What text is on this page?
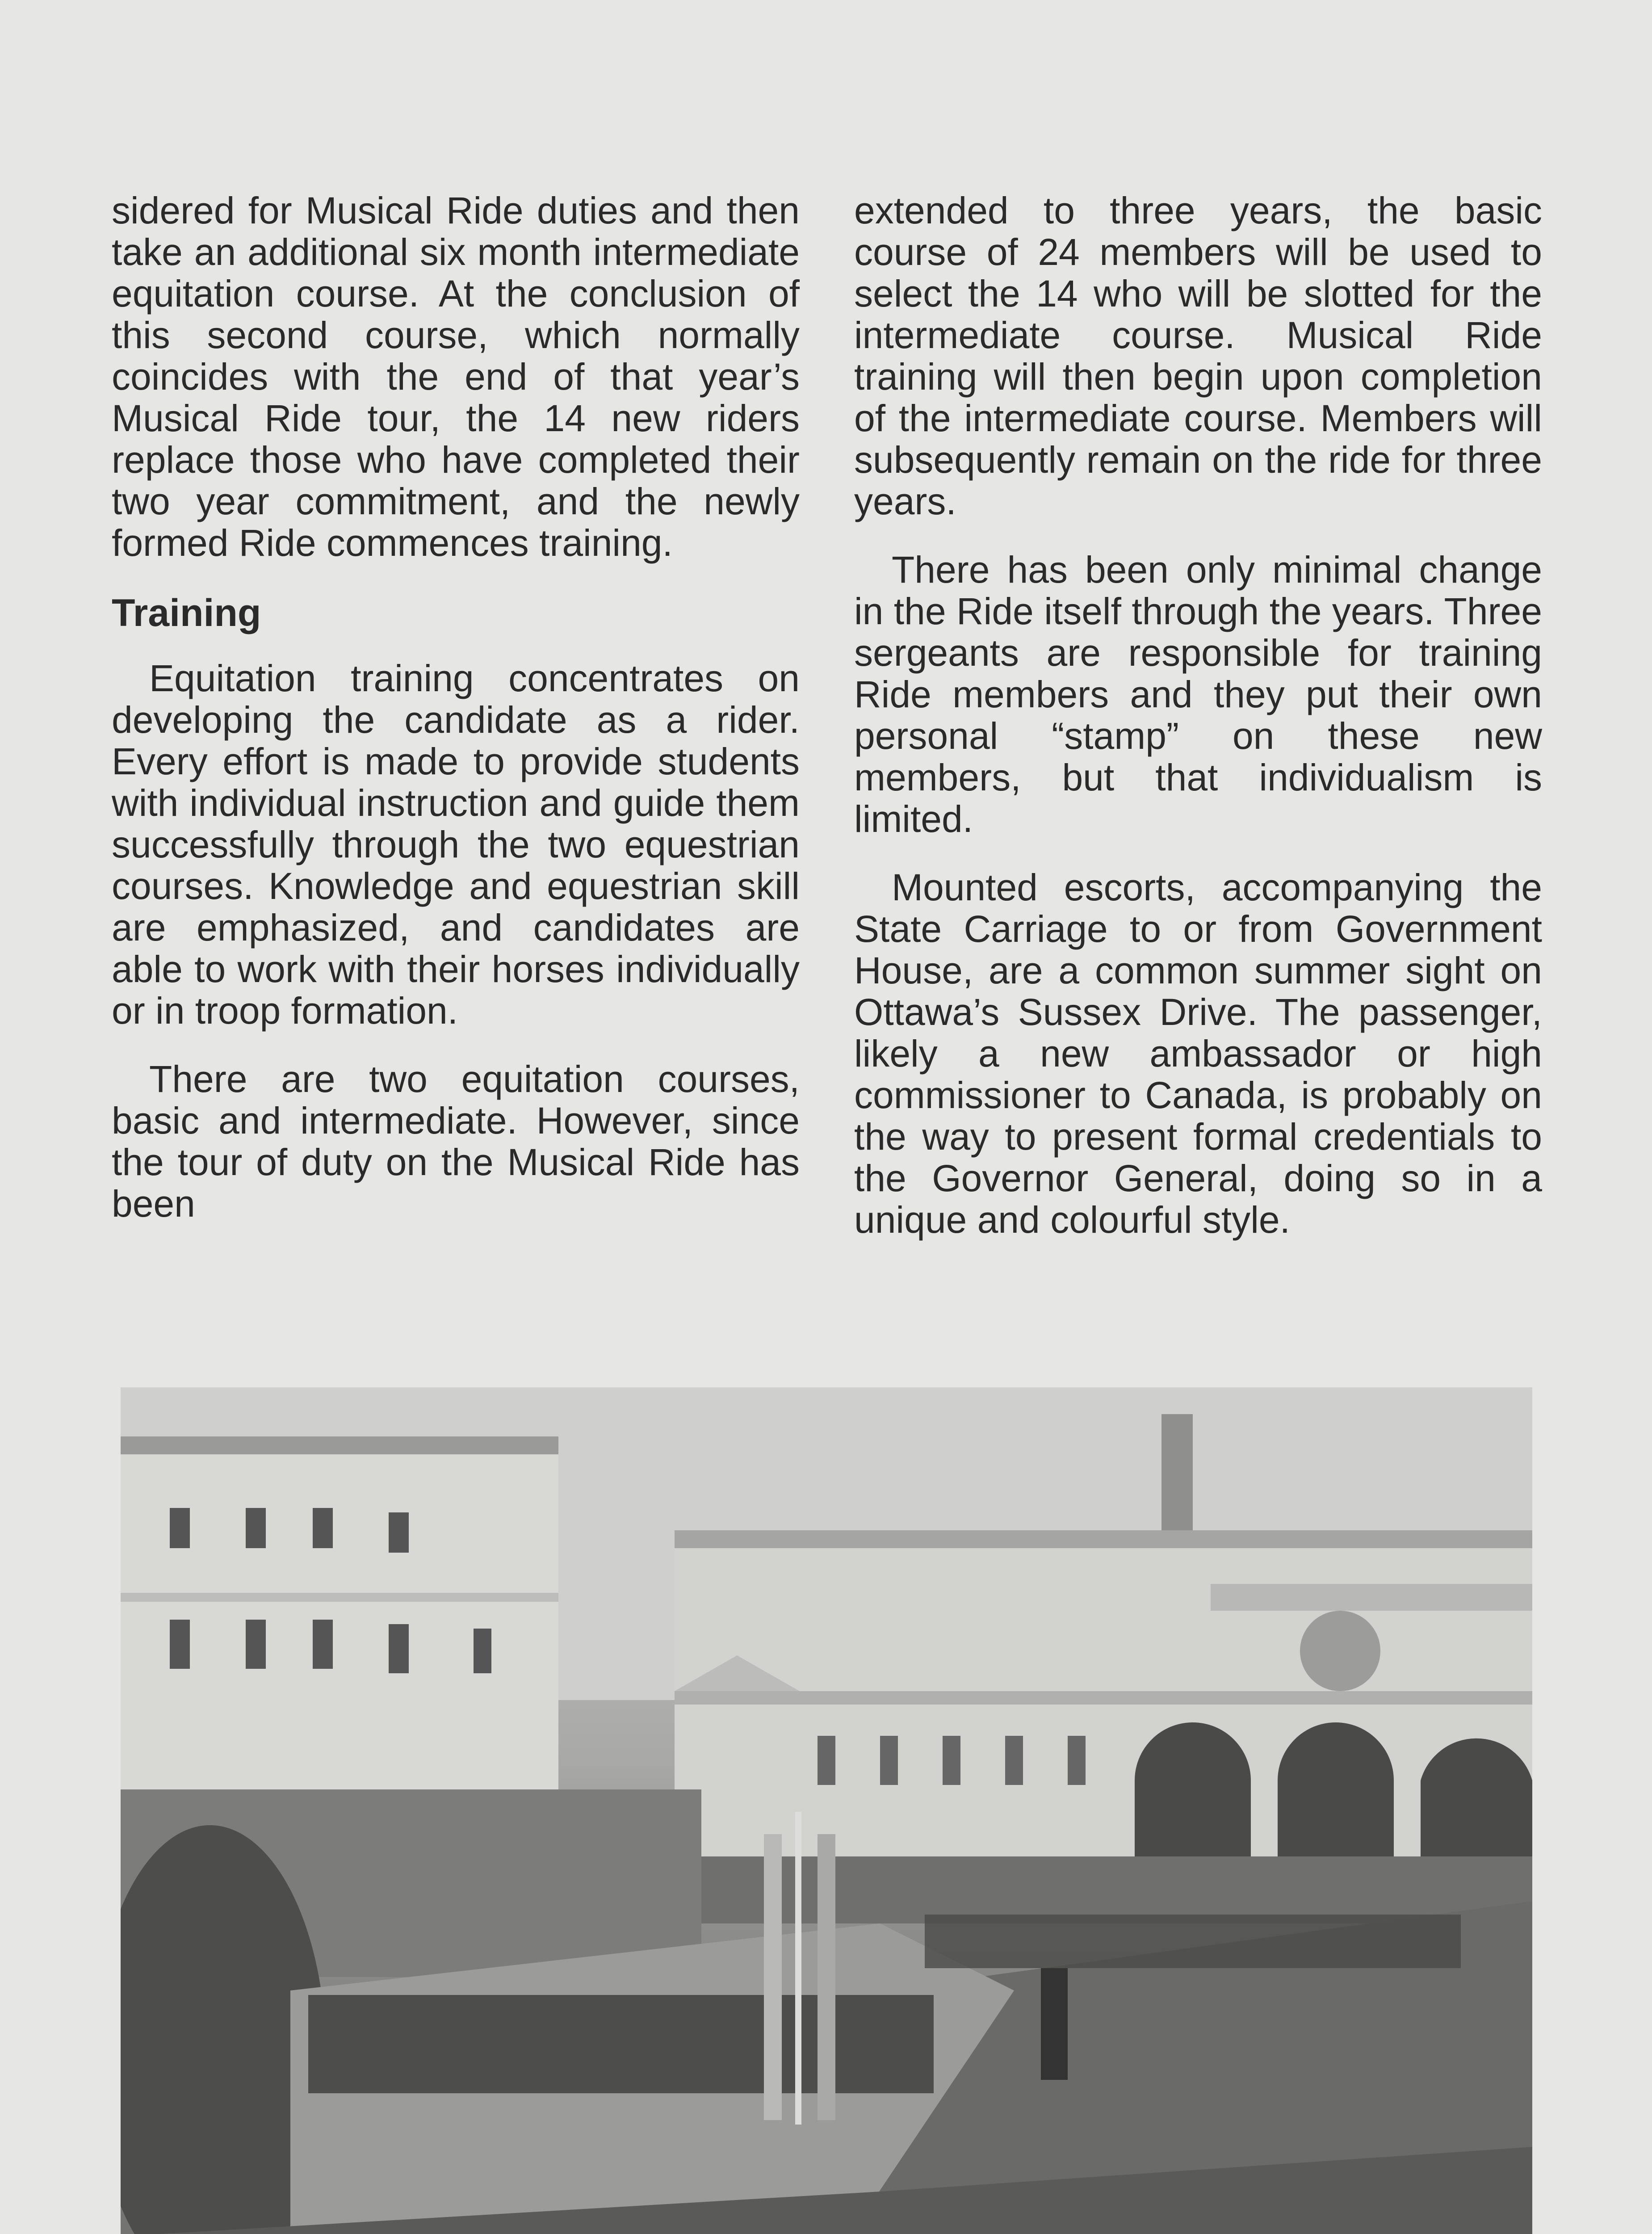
sidered for Musical Ride duties and then take an additional six month intermediate equitation course. At the conclusion of this second course, which normally coincides with the end of that year’s Musical Ride tour, the 14 new riders replace those who have completed their two year commitment, and the newly formed Ride commences training.

Training

Equitation training concentrates on developing the candidate as a rider. Every effort is made to provide students with individual instruction and guide them successfully through the two equestrian courses. Knowledge and equestrian skill are emphasized, and candidates are able to work with their horses individually or in troop formation.

There are two equitation courses, basic and intermediate. However, since the tour of duty on the Musical Ride has been

extended to three years, the basic course of 24 members will be used to select the 14 who will be slotted for the intermediate course. Musical Ride training will then begin upon completion of the intermediate course. Members will subsequently remain on the ride for three years.

There has been only minimal change in the Ride itself through the years. Three sergeants are responsible for training Ride members and they put their own personal “stamp” on these new members, but that individualism is limited.

Mounted escorts, accompanying the State Carriage to or from Government House, are a common summer sight on Ottawa’s Sussex Drive. The passenger, likely a new ambassador or high commissioner to Canada, is probably on the way to present formal credentials to the Governor General, doing so in a unique and colourful style.
